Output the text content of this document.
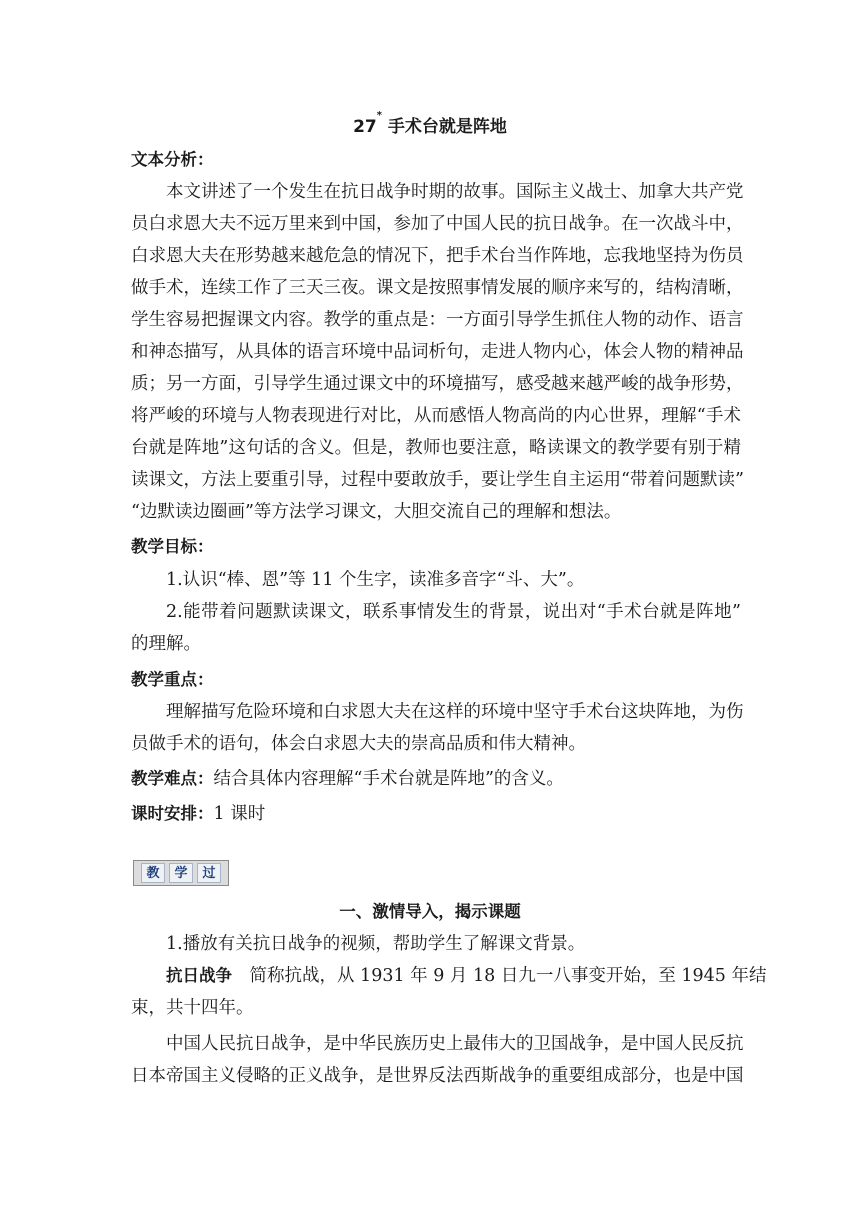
27* 手术台就是阵地
文本分析：
本文讲述了一个发生在抗日战争时期的故事。国际主义战士、加拿大共产党
员白求恩大夫不远万里来到中国，参加了中国人民的抗日战争。在一次战斗中，
白求恩大夫在形势越来越危急的情况下，把手术台当作阵地，忘我地坚持为伤员
做手术，连续工作了三天三夜。课文是按照事情发展的顺序来写的，结构清晰，
学生容易把握课文内容。教学的重点是：一方面引导学生抓住人物的动作、语言
和神态描写，从具体的语言环境中品词析句，走进人物内心，体会人物的精神品
质；另一方面，引导学生通过课文中的环境描写，感受越来越严峻的战争形势，
将严峻的环境与人物表现进行对比，从而感悟人物高尚的内心世界，理解“手术
台就是阵地”这句话的含义。但是，教师也要注意，略读课文的教学要有别于精
读课文，方法上要重引导，过程中要敢放手，要让学生自主运用“带着问题默读”
“边默读边圈画”等方法学习课文，大胆交流自己的理解和想法。
教学目标：
1.认识“棒、恩”等 11 个生字，读准多音字“斗、大”。
2.能带着问题默读课文，联系事情发生的背景，说出对“手术台就是阵地”
的理解。
教学重点：
理解描写危险环境和白求恩大夫在这样的环境中坚守手术台这块阵地，为伤
员做手术的语句，体会白求恩大夫的崇高品质和伟大精神。
教学难点：结合具体内容理解“手术台就是阵地”的含义。
课时安排：1 课时
教	学	过
一、激情导入，揭示课题
1.播放有关抗日战争的视频，帮助学生了解课文背景。
抗日战争　简称抗战，从 1931 年 9 月 18 日九一八事变开始，至 1945 年结
束，共十四年。
中国人民抗日战争，是中华民族历史上最伟大的卫国战争，是中国人民反抗
日本帝国主义侵略的正义战争，是世界反法西斯战争的重要组成部分，也是中国
